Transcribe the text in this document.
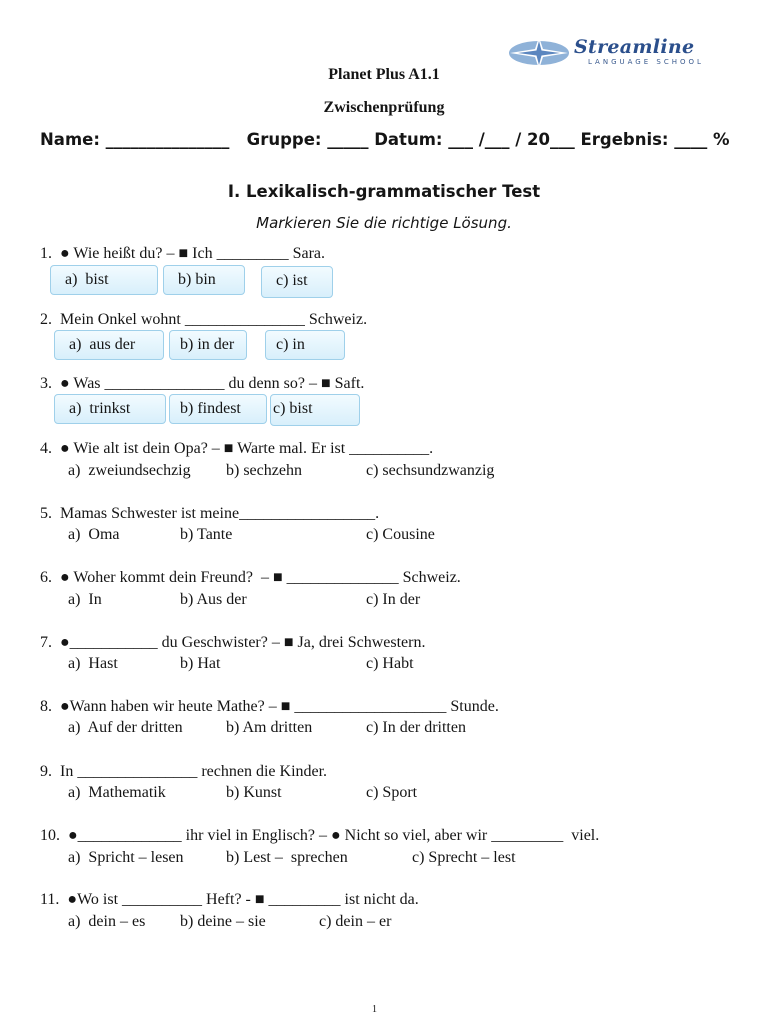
Streamline
LANGUAGE SCHOOL
Planet Plus A1.1
Zwischenprüfung
Name: _______________   Gruppe: _____ Datum: ___ /___ / 20___ Ergebnis: ____ %
I. Lexikalisch-grammatischer Test
Markieren Sie die richtige Lösung.
1.  ● Wie heißt du? – ■ Ich _________ Sara.
a)  bist	b) bin	c) ist
2.  Mein Onkel wohnt _______________ Schweiz.
a)  aus der	b) in der	c) in
3.  ● Was _______________ du denn so? – ■ Saft.
a)  trinkst	b) findest	c) bist
4.  ● Wie alt ist dein Opa? – ■ Warte mal. Er ist __________.
a)  zweiundsechzig b) sechzehn	c) sechsundzwanzig
5.  Mamas Schwester ist meine_________________.
a)  Oma	b) Tante	c) Cousine
6.  ● Woher kommt dein Freund?  – ■ ______________ Schweiz.
a)  In	b) Aus der	c) In der
7.  ●___________ du Geschwister? – ■ Ja, drei Schwestern.
a)  Hast	b) Hat	c) Habt
8.  ●Wann haben wir heute Mathe? – ■ ___________________ Stunde.
a)  Auf der dritten	b) Am dritten	c) In der dritten
9.  In _______________ rechnen die Kinder.
a)  Mathematik	b) Kunst	c) Sport
10.  ●_____________ ihr viel in Englisch? – ● Nicht so viel, aber wir _________  viel.
a)  Spricht – lesen	b) Lest –  sprechen	c) Sprecht – lest
11.  ●Wo ist __________ Heft? - ■ _________ ist nicht da.
a)  dein – es b) deine – sie	c) dein – er
1
